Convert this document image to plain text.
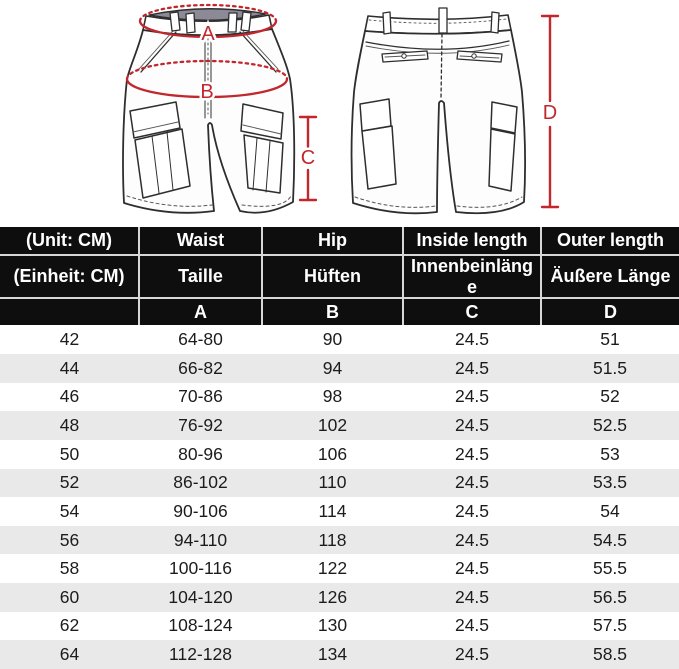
A
B
C
D
(Unit: CM)	Waist	Hip	Inside length	Outer length
(Einheit: CM)	Taille	Hüften	Innenbeinlänge	Äußere Länge
	A	B	C	D
42	64-80	90	24.5	51
44	66-82	94	24.5	51.5
46	70-86	98	24.5	52
48	76-92	102	24.5	52.5
50	80-96	106	24.5	53
52	86-102	110	24.5	53.5
54	90-106	114	24.5	54
56	94-110	118	24.5	54.5
58	100-116	122	24.5	55.5
60	104-120	126	24.5	56.5
62	108-124	130	24.5	57.5
64	112-128	134	24.5	58.5
